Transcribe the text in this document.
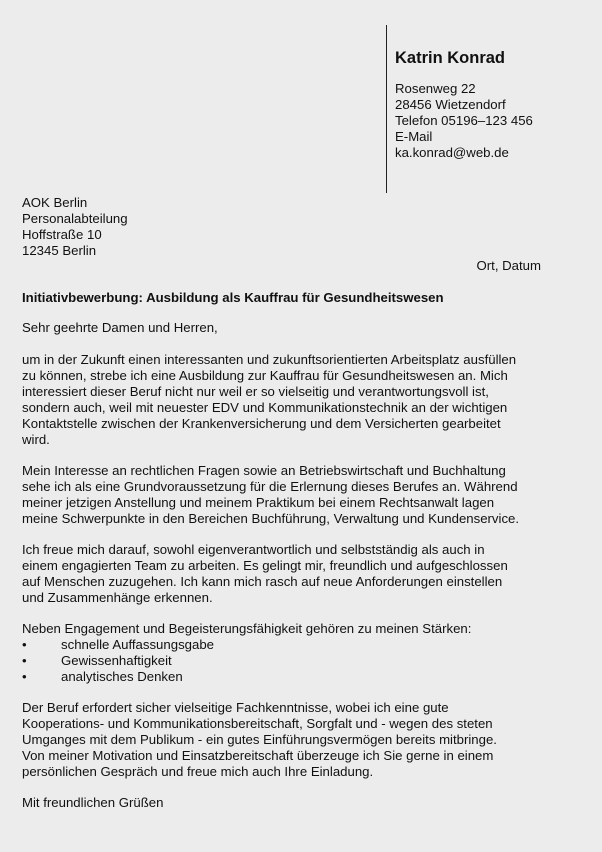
Katrin Konrad
Rosenweg 22
28456 Wietzendorf
Telefon 05196–123 456
E-Mail
ka.konrad@web.de
AOK Berlin
Personalabteilung
Hoffstraße 10
12345 Berlin
Ort, Datum
Initiativbewerbung: Ausbildung als Kauffrau für Gesundheitswesen
Sehr geehrte Damen und Herren,
um in der Zukunft einen interessanten und zukunftsorientierten Arbeitsplatz ausfüllen
zu können, strebe ich eine Ausbildung zur Kauffrau für Gesundheitswesen an. Mich
interessiert dieser Beruf nicht nur weil er so vielseitig und verantwortungsvoll ist,
sondern auch, weil mit neuester EDV und Kommunikationstechnik an der wichtigen
Kontaktstelle zwischen der Krankenversicherung und dem Versicherten gearbeitet
wird.
Mein Interesse an rechtlichen Fragen sowie an Betriebswirtschaft und Buchhaltung
sehe ich als eine Grundvoraussetzung für die Erlernung dieses Berufes an. Während
meiner jetzigen Anstellung und meinem Praktikum bei einem Rechtsanwalt lagen
meine Schwerpunkte in den Bereichen Buchführung, Verwaltung und Kundenservice.
Ich freue mich darauf, sowohl eigenverantwortlich und selbstständig als auch in
einem engagierten Team zu arbeiten. Es gelingt mir, freundlich und aufgeschlossen
auf Menschen zuzugehen. Ich kann mich rasch auf neue Anforderungen einstellen
und Zusammenhänge erkennen.
Neben Engagement und Begeisterungsfähigkeit gehören zu meinen Stärken:
•	schnelle Auffassungsgabe
•	Gewissenhaftigkeit
•	analytisches Denken
Der Beruf erfordert sicher vielseitige Fachkenntnisse, wobei ich eine gute
Kooperations- und Kommunikationsbereitschaft, Sorgfalt und - wegen des steten
Umganges mit dem Publikum - ein gutes Einführungsvermögen bereits mitbringe.
Von meiner Motivation und Einsatzbereitschaft überzeuge ich Sie gerne in einem
persönlichen Gespräch und freue mich auch Ihre Einladung.
Mit freundlichen Grüßen
